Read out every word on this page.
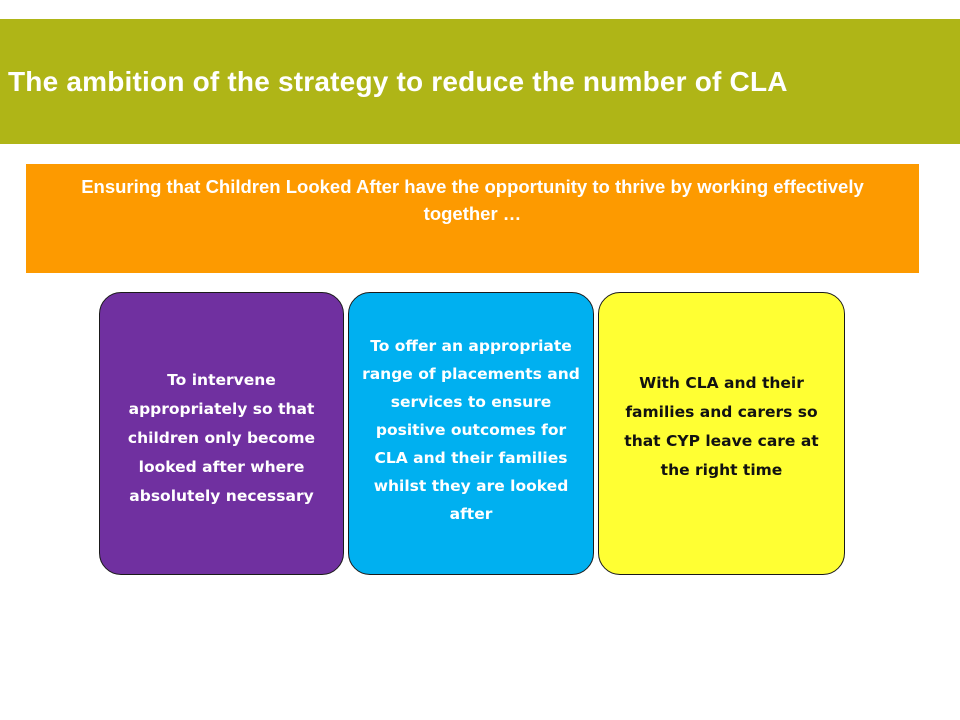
The ambition of the strategy to reduce the number of CLA

Ensuring that Children Looked After have the opportunity to thrive by working effectively together …

To intervene appropriately so that children only become looked after where absolutely necessary

To offer an appropriate range of placements and services to ensure positive outcomes for CLA and their families whilst they are looked after

With CLA and their families and carers so that CYP leave care at the right time
